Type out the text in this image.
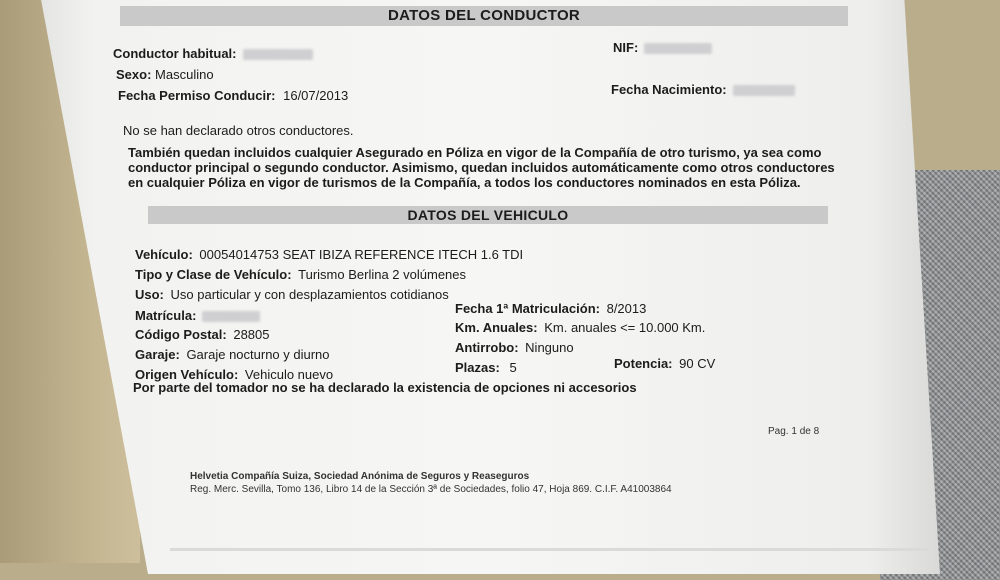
DATOS DEL CONDUCTOR
Conductor habitual:	NIF:
Sexo: Masculino
Fecha Permiso Conducir: 16/07/2013	Fecha Nacimiento:
No se han declarado otros conductores.
También quedan incluidos cualquier Asegurado en Póliza en vigor de la Compañía de otro turismo, ya sea como conductor principal o segundo conductor. Asimismo, quedan incluidos automáticamente como otros conductores en cualquier Póliza en vigor de turismos de la Compañía, a todos los conductores nominados en esta Póliza.
DATOS DEL VEHICULO
Vehículo: 00054014753 SEAT IBIZA REFERENCE ITECH 1.6 TDI
Tipo y Clase de Vehículo: Turismo Berlina 2 volúmenes
Uso: Uso particular y con desplazamientos cotidianos
Matrícula:	Fecha 1ª Matriculación: 8/2013
Código Postal: 28805	Km. Anuales: Km. anuales <= 10.000 Km.
Garaje: Garaje nocturno y diurno	Antirrobo: Ninguno
Origen Vehículo: Vehiculo nuevo	Plazas: 5	Potencia: 90 CV
Por parte del tomador no se ha declarado la existencia de opciones ni accesorios
Pag. 1 de 8
Helvetia Compañía Suiza, Sociedad Anónima de Seguros y Reaseguros
Reg. Merc. Sevilla, Tomo 136, Libro 14 de la Sección 3ª de Sociedades, folio 47, Hoja 869. C.I.F. A41003864
